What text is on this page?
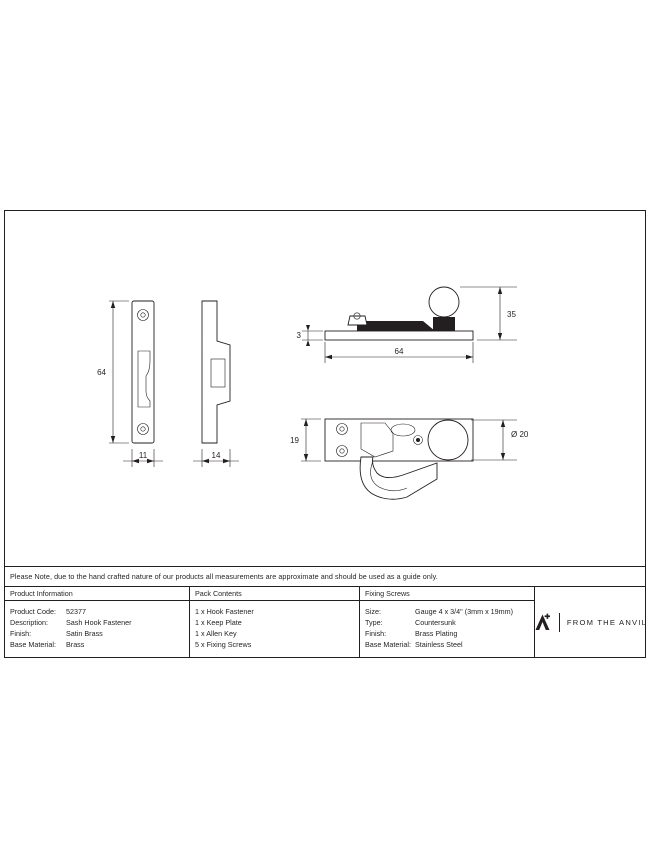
64
11	14
35
3
64
19
Ø 20
Please Note, due to the hand crafted nature of our products all measurements are approximate and should be used as a guide only.
Product Information
Product Code:	52377
Description:	Sash Hook Fastener
Finish:	Satin Brass
Base Material:	Brass
Pack Contents
1 x Hook Fastener
1 x Keep Plate
1 x Allen Key
5 x Fixing Screws
Fixing Screws
Size:	Gauge 4 x 3/4" (3mm x 19mm)
Type:	Countersunk
Finish:	Brass Plating
Base Material: Stainless Steel
FROM THE ANVIL
